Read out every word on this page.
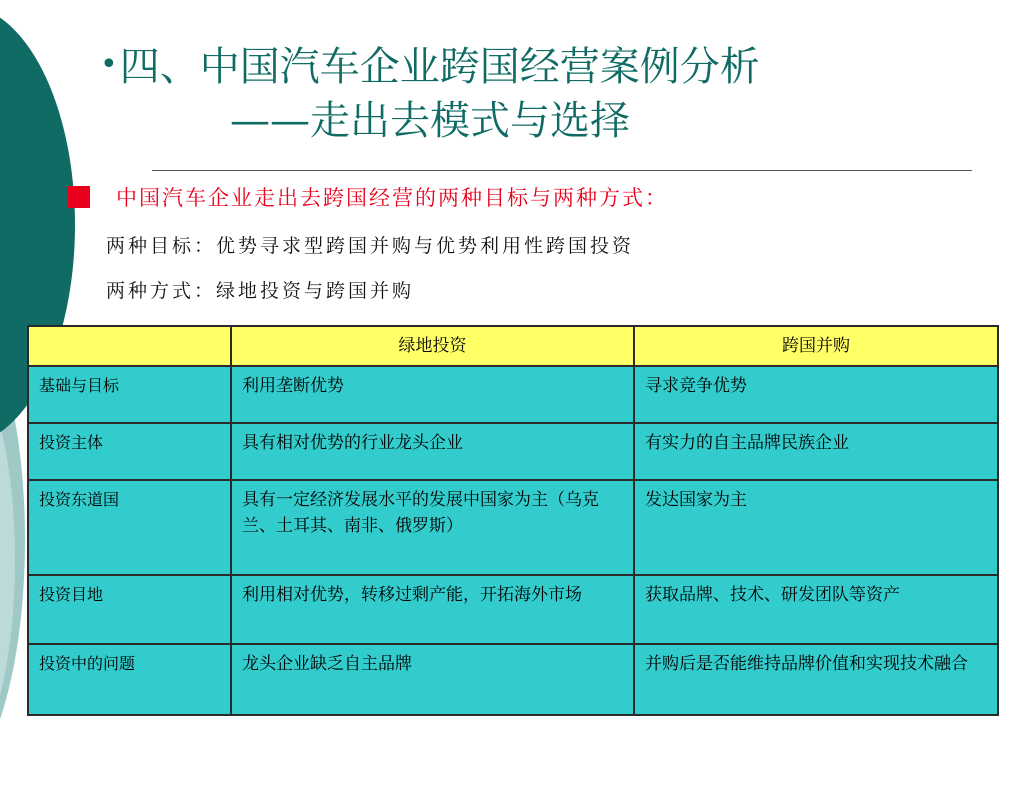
•四、中国汽车企业跨国经营案例分析
——走出去模式与选择
中国汽车企业走出去跨国经营的两种目标与两种方式：
两种目标：优势寻求型跨国并购与优势利用性跨国投资
两种方式：绿地投资与跨国并购
	绿地投资	跨国并购
基础与目标	利用垄断优势	寻求竞争优势
投资主体	具有相对优势的行业龙头企业	有实力的自主品牌民族企业
投资东道国	具有一定经济发展水平的发展中国家为主（乌克兰、土耳其、南非、俄罗斯）	发达国家为主
投资目地	利用相对优势，转移过剩产能，开拓海外市场	获取品牌、技术、研发团队等资产
投资中的问题	龙头企业缺乏自主品牌	并购后是否能维持品牌价值和实现技术融合
